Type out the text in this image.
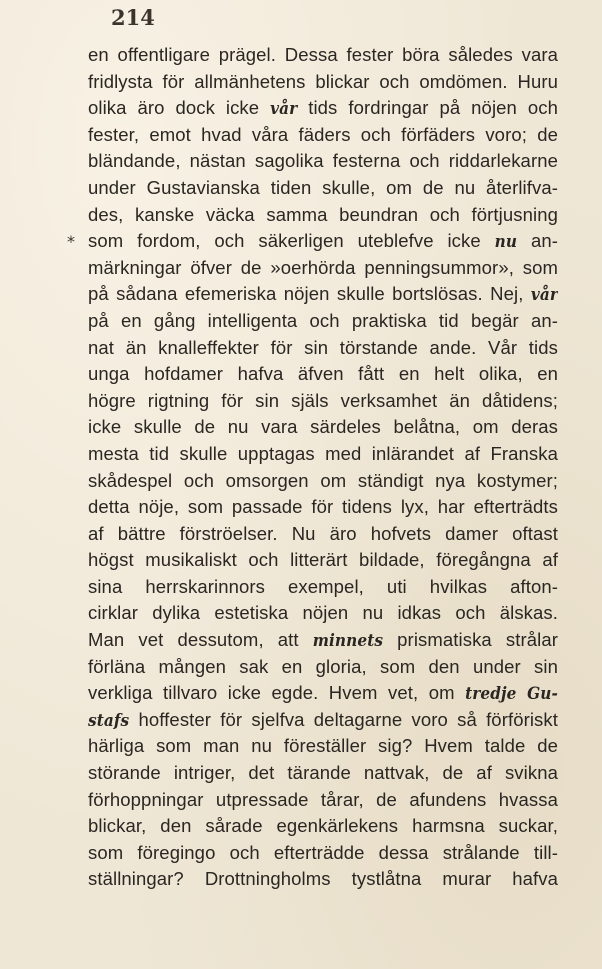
214
*
en offentligare prägel. Dessa fester böra således vara
fridlysta för allmänhetens blickar och omdömen. Huru
olika äro dock icke vår tids fordringar på nöjen och
fester, emot hvad våra fäders och förfäders voro; de
bländande, nästan sagolika festerna och riddarlekarne
under Gustavianska tiden skulle, om de nu återlifva-
des, kanske väcka samma beundran och förtjusning
som fordom, och säkerligen uteblefve icke nu an-
märkningar öfver de »oerhörda penningsummor», som
på sådana efemeriska nöjen skulle bortslösas. Nej, vår
på en gång intelligenta och praktiska tid begär an-
nat än knalleffekter för sin törstande ande. Vår tids
unga hofdamer hafva äfven fått en helt olika, en
högre rigtning för sin själs verksamhet än dåtidens;
icke skulle de nu vara särdeles belåtna, om deras
mesta tid skulle upptagas med inlärandet af Franska
skådespel och omsorgen om ständigt nya kostymer;
detta nöje, som passade för tidens lyx, har efterträdts
af bättre förströelser. Nu äro hofvets damer oftast
högst musikaliskt och litterärt bildade, föregångna af
sina herrskarinnors exempel, uti hvilkas afton-
cirklar dylika estetiska nöjen nu idkas och älskas.
Man vet dessutom, att minnets prismatiska strålar
förläna mången sak en gloria, som den under sin
verkliga tillvaro icke egde. Hvem vet, om tredje Gu-
stafs hoffester för sjelfva deltagarne voro så förföriskt
härliga som man nu föreställer sig? Hvem talde de
störande intriger, det tärande nattvak, de af svikna
förhoppningar utpressade tårar, de afundens hvassa
blickar, den sårade egenkärlekens harmsna suckar,
som föregingo och efterträdde dessa strålande till-
ställningar? Drottningholms tystlåtna murar hafva
